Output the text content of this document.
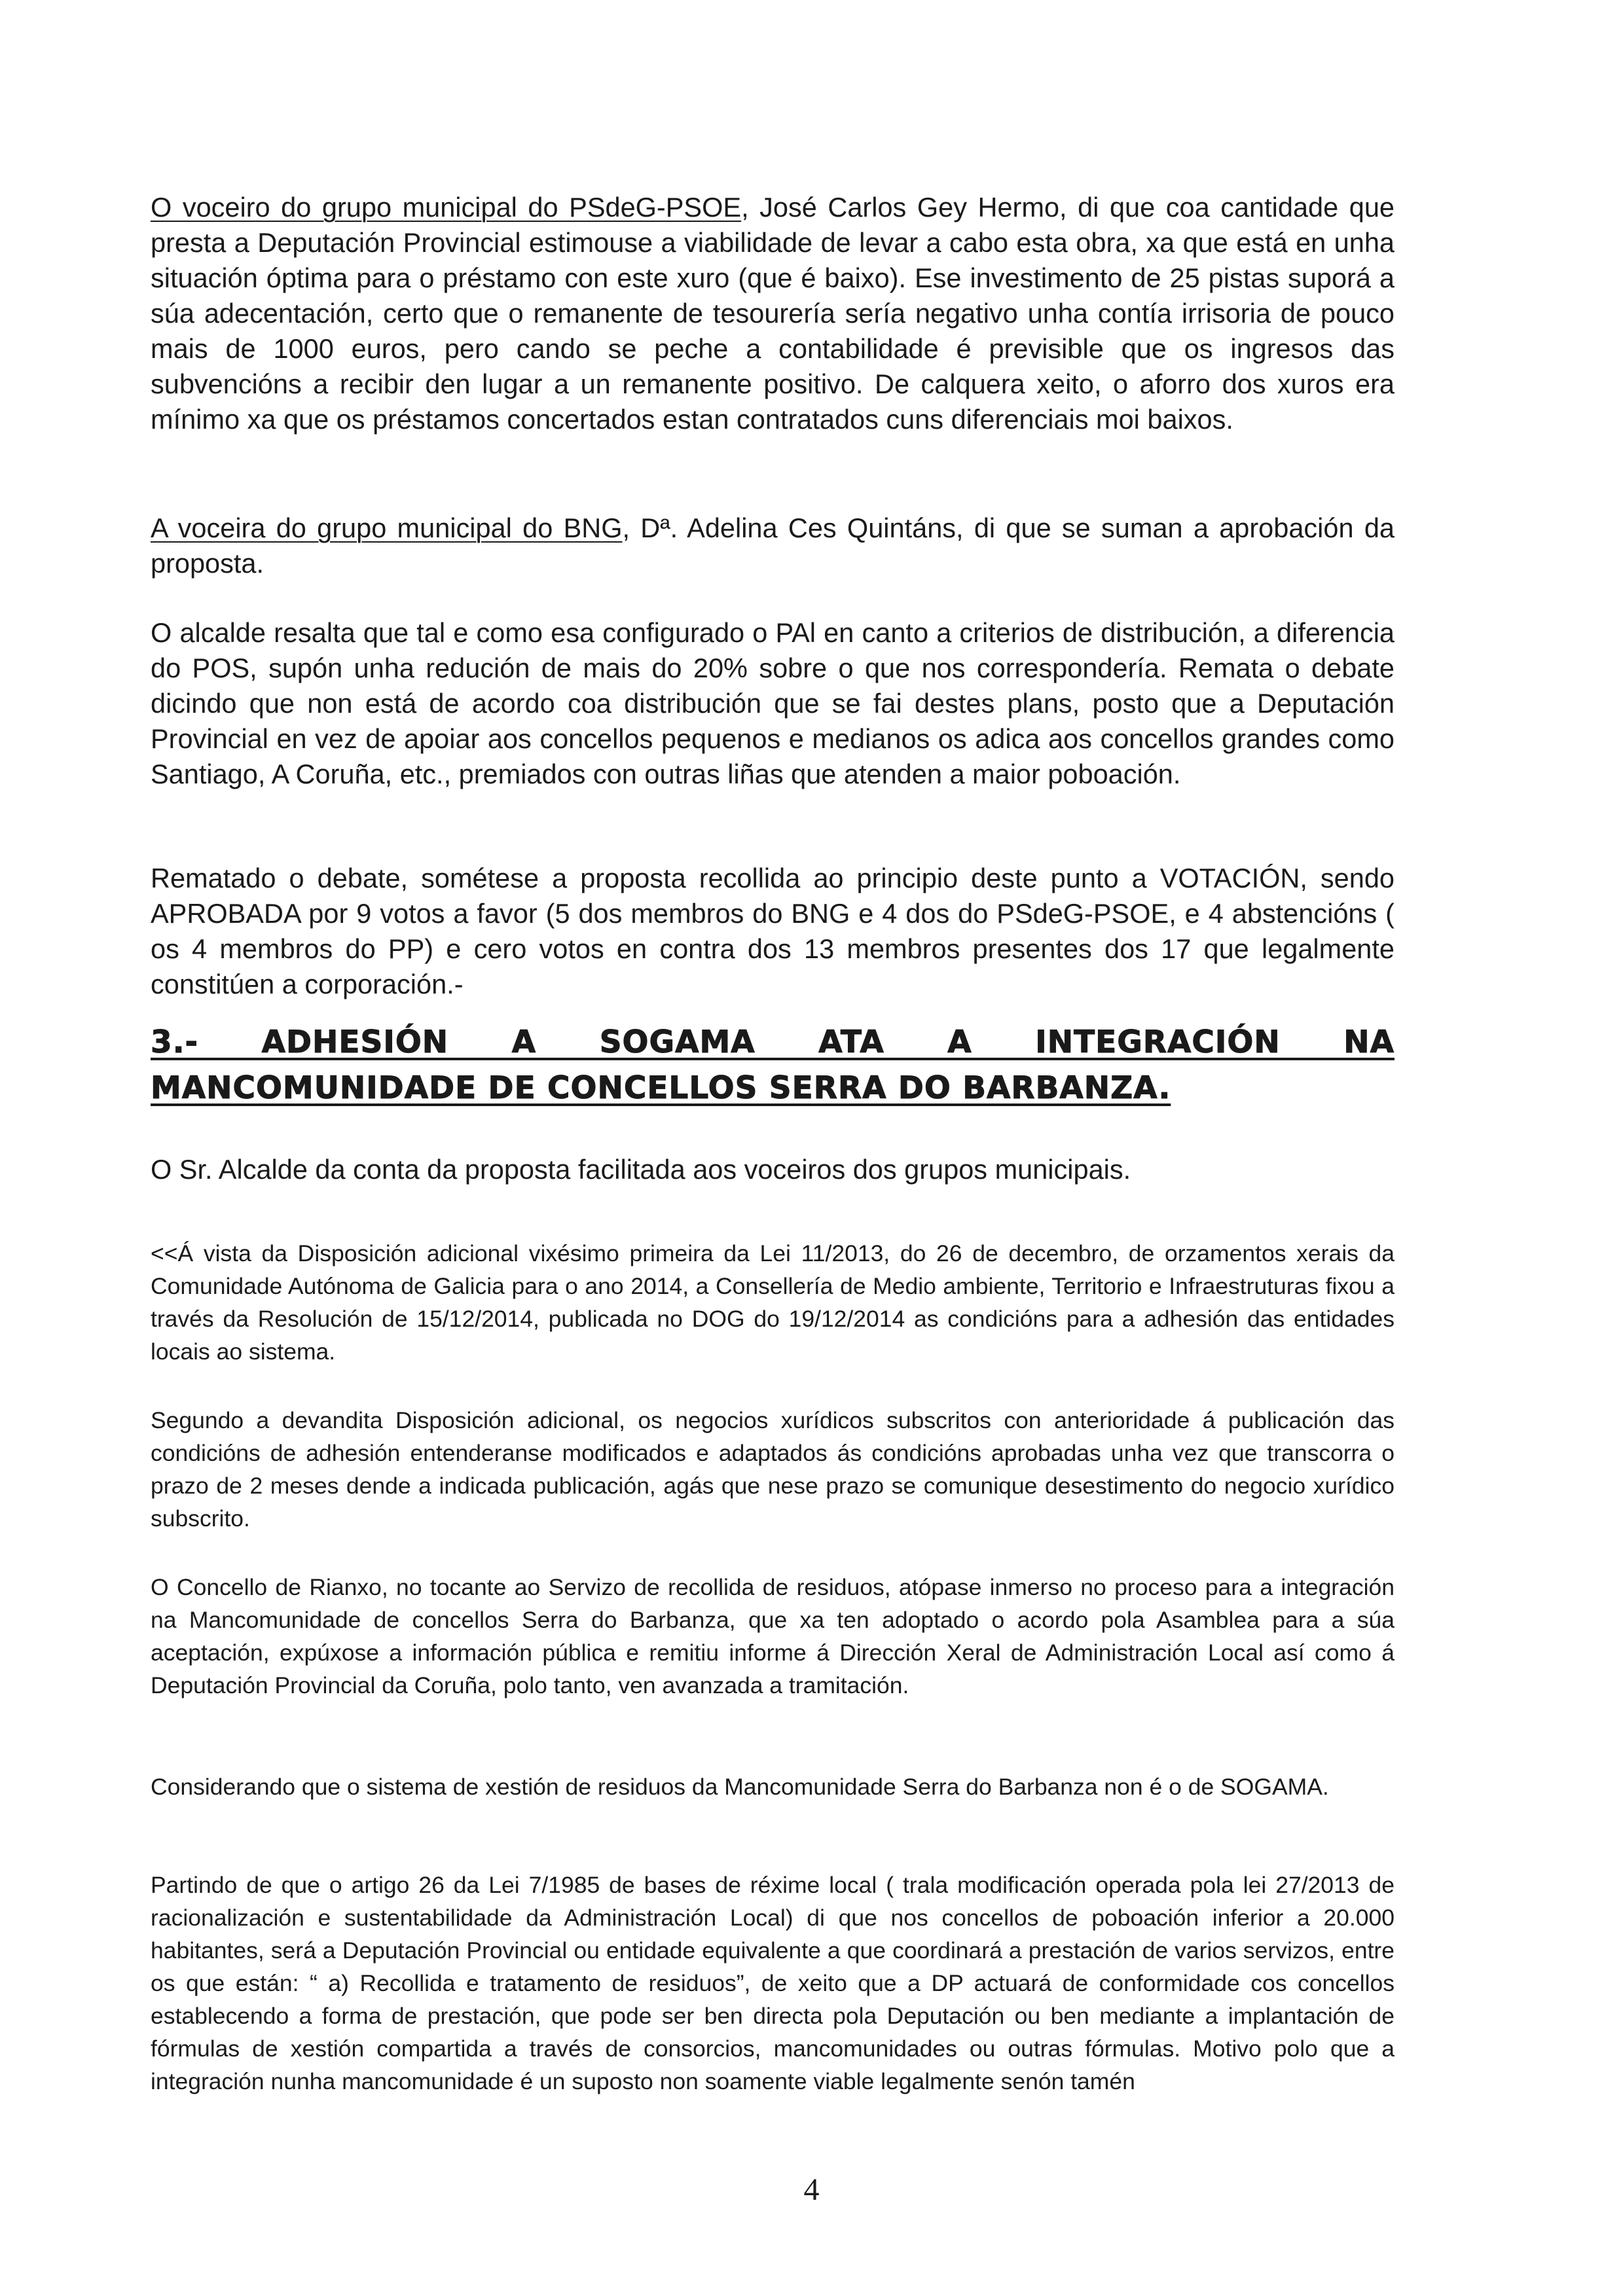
O voceiro do grupo municipal do PSdeG-PSOE, José Carlos Gey Hermo, di que coa cantidade que presta a Deputación Provincial estimouse a viabilidade de levar a cabo esta obra, xa que está en unha situación óptima para o préstamo con este xuro (que é baixo). Ese investimento de 25 pistas suporá a súa adecentación, certo que o remanente de tesourería sería negativo unha contía irrisoria de pouco mais de 1000 euros, pero cando se peche a contabilidade é previsible que os ingresos das subvencións a recibir den lugar a un remanente positivo. De calquera xeito, o aforro dos xuros era mínimo xa que os préstamos concertados estan contratados cuns diferenciais moi baixos.

A voceira do grupo municipal do BNG, Dª. Adelina Ces Quintáns, di que se suman a aprobación da proposta.

O alcalde resalta que tal e como esa configurado o PAl en canto a criterios de distribución, a diferencia do POS, supón unha redución de mais do 20% sobre o que nos correspondería. Remata o debate dicindo que non está de acordo coa distribución que se fai destes plans, posto que a Deputación Provincial en vez de apoiar aos concellos pequenos e medianos os adica aos concellos grandes como Santiago, A Coruña, etc., premiados con outras liñas que atenden a maior poboación.

Rematado o debate, sométese a proposta recollida ao principio deste punto a VOTACIÓN, sendo APROBADA por 9 votos a favor (5 dos membros do BNG e 4 dos do PSdeG-PSOE, e 4 abstencións ( os 4 membros do PP) e cero votos en contra dos 13 membros presentes dos 17 que legalmente constitúen a corporación.-

3.- ADHESIÓN A SOGAMA ATA A INTEGRACIÓN NA
MANCOMUNIDADE DE CONCELLOS SERRA DO BARBANZA.

O Sr. Alcalde da conta da proposta facilitada aos voceiros dos grupos municipais.

<<Á vista da Disposición adicional vixésimo primeira da Lei 11/2013, do 26 de decembro, de orzamentos xerais da Comunidade Autónoma de Galicia para o ano 2014, a Consellería de Medio ambiente, Territorio e Infraestruturas fixou a través da Resolución de 15/12/2014, publicada no DOG do 19/12/2014 as condicións para a adhesión das entidades locais ao sistema.

Segundo a devandita Disposición adicional, os negocios xurídicos subscritos con anterioridade á publicación das condicións de adhesión entenderanse modificados e adaptados ás condicións aprobadas unha vez que transcorra o prazo de 2 meses dende a indicada publicación, agás que nese prazo se comunique desestimento do negocio xurídico subscrito.

O Concello de Rianxo, no tocante ao Servizo de recollida de residuos, atópase inmerso no proceso para a integración na Mancomunidade de concellos Serra do Barbanza, que xa ten adoptado o acordo pola Asamblea para a súa aceptación, expúxose a información pública e remitiu informe á Dirección Xeral de Administración Local así como á Deputación Provincial da Coruña, polo tanto, ven avanzada a tramitación.

Considerando que o sistema de xestión de residuos da Mancomunidade Serra do Barbanza non é o de SOGAMA.

Partindo de que o artigo 26 da Lei 7/1985 de bases de réxime local ( trala modificación operada pola lei 27/2013 de racionalización e sustentabilidade da Administración Local) di que nos concellos de poboación inferior a 20.000 habitantes, será a Deputación Provincial ou entidade equivalente a que coordinará a prestación de varios servizos, entre os que están: “ a) Recollida e tratamento de residuos”, de xeito que a DP actuará de conformidade cos concellos establecendo a forma de prestación, que pode ser ben directa pola Deputación ou ben mediante a implantación de fórmulas de xestión compartida a través de consorcios, mancomunidades ou outras fórmulas. Motivo polo que a integración nunha mancomunidade é un suposto non soamente viable legalmente senón tamén

4
